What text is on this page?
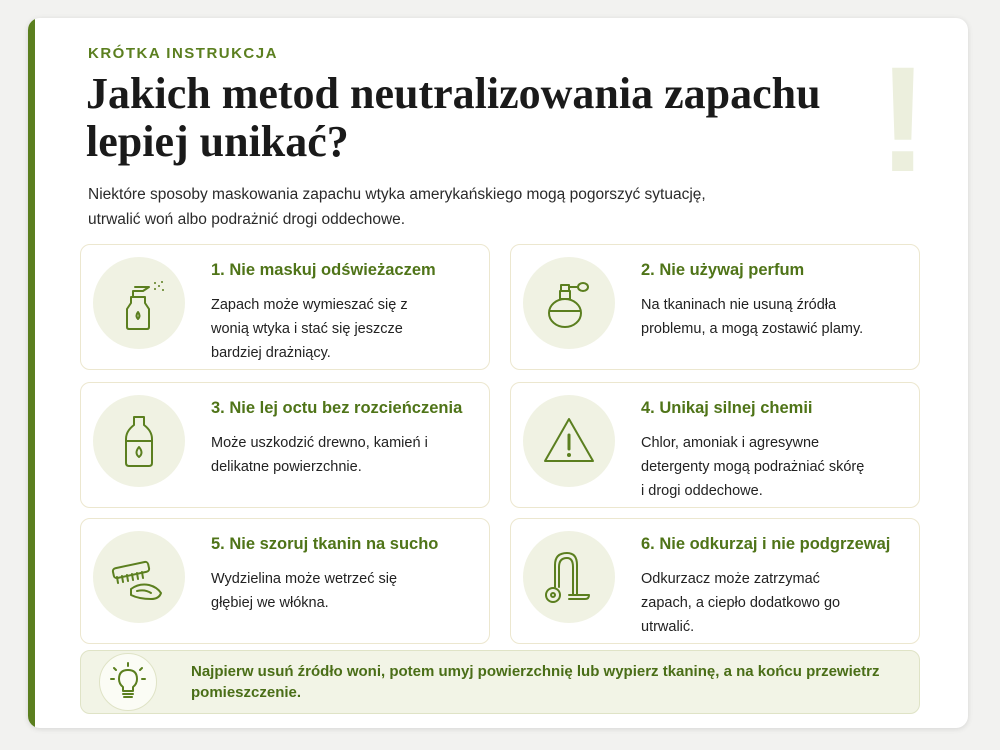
KRÓTKA INSTRUKCJA
Jakich metod neutralizowania zapachu lepiej unikać?	!
Niektóre sposoby maskowania zapachu wtyka amerykańskiego mogą pogorszyć sytuację, utrwalić woń albo podrażnić drogi oddechowe.
1. Nie maskuj odświeżaczem
Zapach może wymieszać się z wonią wtyka i stać się jeszcze bardziej drażniący.
2. Nie używaj perfum
Na tkaninach nie usuną źródła problemu, a mogą zostawić plamy.
3. Nie lej octu bez rozcieńczenia
Może uszkodzić drewno, kamień i delikatne powierzchnie.
4. Unikaj silnej chemii
Chlor, amoniak i agresywne detergenty mogą podrażniać skórę i drogi oddechowe.
5. Nie szoruj tkanin na sucho
Wydzielina może wetrzeć się głębiej we włókna.
6. Nie odkurzaj i nie podgrzewaj
Odkurzacz może zatrzymać zapach, a ciepło dodatkowo go utrwalić.
Najpierw usuń źródło woni, potem umyj powierzchnię lub wypierz tkaninę, a na końcu przewietrz pomieszczenie.
